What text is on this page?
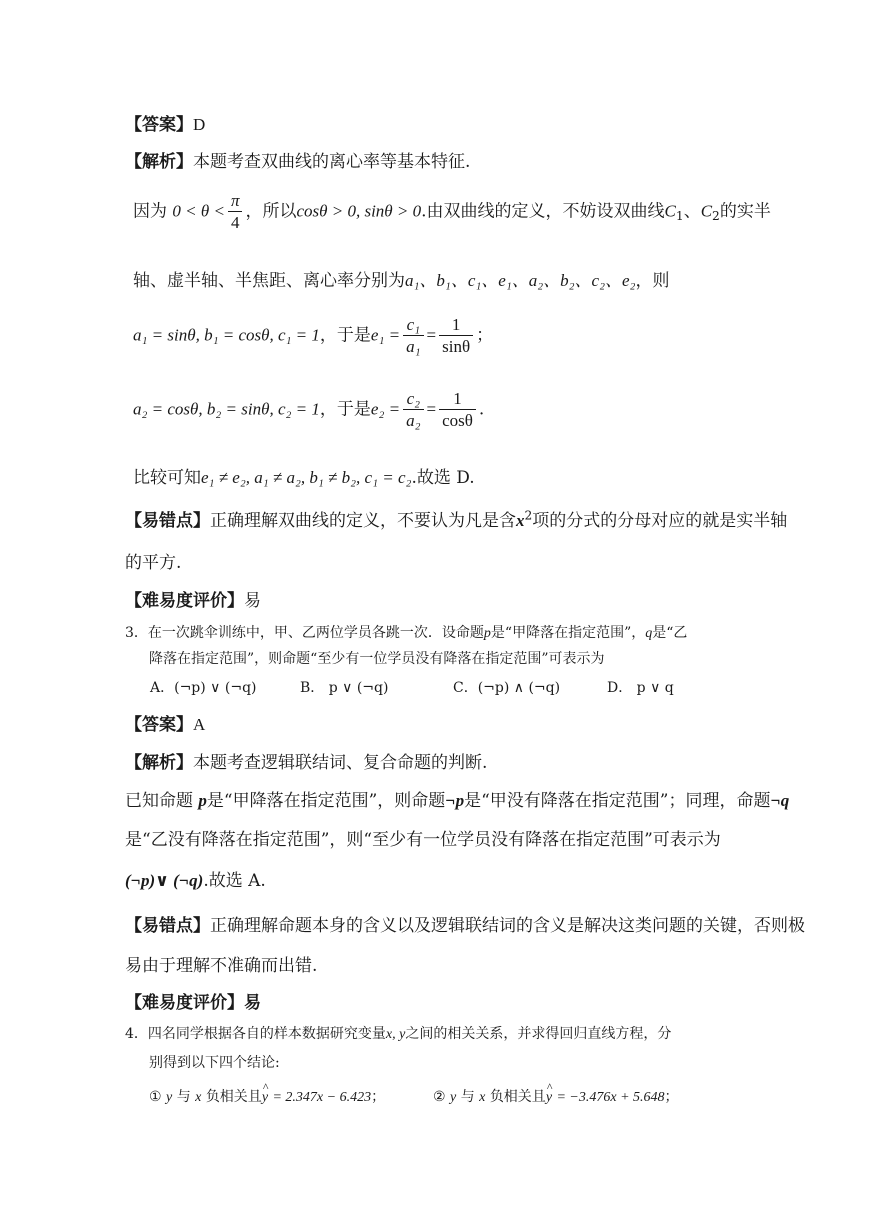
【答案】D
【解析】本题考查双曲线的离心率等基本特征.
因为 $0 < \theta < \frac{\pi}{4}$ ，所以cosθ > 0, sinθ > 0.由双曲线的定义，不妨设双曲线$C_1$、$C_2$的实半
轴、虚半轴、半焦距、离心率分别为a₁、b₁、c₁、e₁、a₂、b₂、c₂、e₂，则
a₁ = sinθ, b₁ = cosθ, c₁ = 1，于是$e_1 = \frac{\text{c₁}}{\text{a₁}} = \frac{1}{\sin\theta}$ ；
a₂ = cosθ, b₂ = sinθ, c₂ = 1，于是$e_2 = \frac{\text{c₂}}{\text{a₂}} = \frac{1}{\cos\theta}$ .
比较可知e₁ ≠ e₂, a₁ ≠ a₂, b₁ ≠ b₂, c₁ = c₂.故选 D.
【易错点】正确理解双曲线的定义，不要认为凡是含$x^2$项的分式的分母对应的就是实半轴
的平方.
【难易度评价】易
3．在一次跳伞训练中，甲、乙两位学员各跳一次．设命题p是“甲降落在指定范围”，q是“乙
降落在指定范围”，则命题“至少有一位学员没有降落在指定范围”可表示为
A．(¬p) ∨ (¬q)	B． p ∨ (¬q)	C．(¬p) ∧ (¬q)	D． p ∨ q
【答案】A
【解析】本题考查逻辑联结词、复合命题的判断.
已知命题 p是“甲降落在指定范围”，则命题¬p是“甲没有降落在指定范围”；同理，命题¬q
是“乙没有降落在指定范围”，则“至少有一位学员没有降落在指定范围”可表示为
(¬p)∨ (¬q).故选 A.
【易错点】正确理解命题本身的含义以及逻辑联结词的含义是解决这类问题的关键，否则极
易由于理解不准确而出错.
【难易度评价】易
4．四名同学根据各自的样本数据研究变量x, y之间的相关关系，并求得回归直线方程，分
别得到以下四个结论:
① y 与 x 负相关且^ y = 2.347x − 6.423；	② y 与 x 负相关且^ y = −3.476x + 5.648；
